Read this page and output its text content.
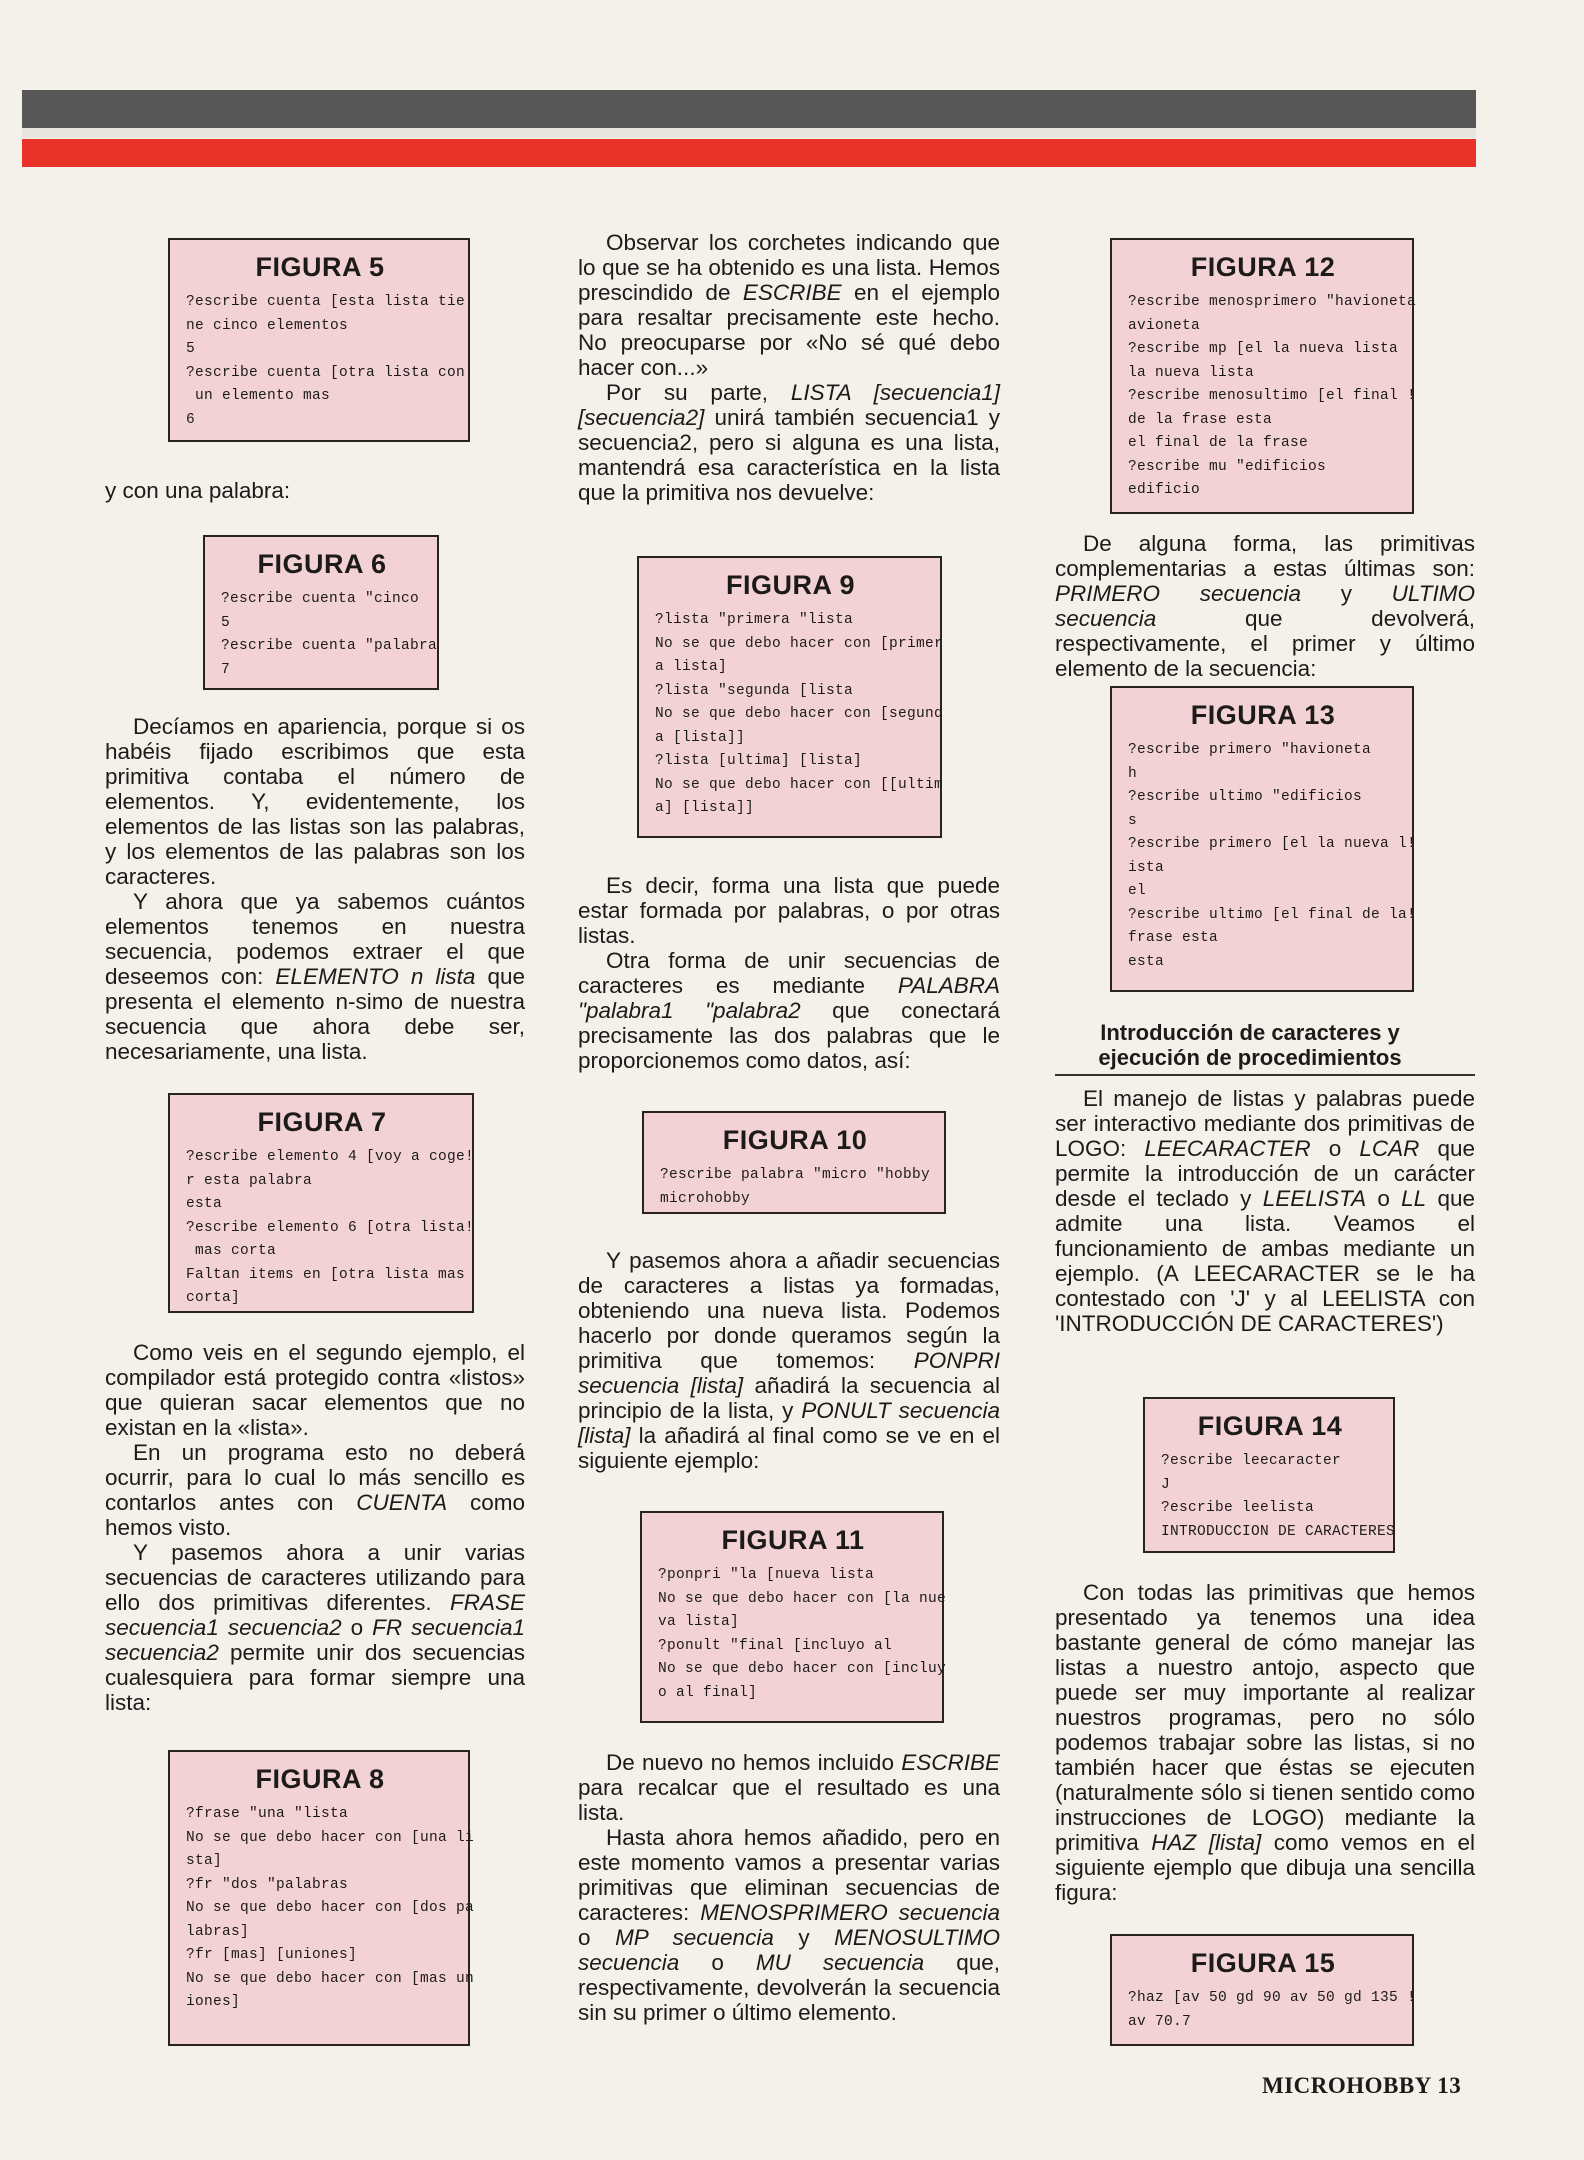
FIGURA 5
?escribe cuenta [esta lista tie!
ne cinco elementos
5
?escribe cuenta [otra lista con!
un elemento mas
6

y con una palabra:

FIGURA 6
?escribe cuenta "cinco
5
?escribe cuenta "palabra
7

Decíamos en apariencia, porque si os habéis fijado escribimos que esta primitiva contaba el número de elementos. Y, evidentemente, los elementos de las listas son las palabras, y los elementos de las palabras son los caracteres.

Y ahora que ya sabemos cuántos elementos tenemos en nuestra secuencia, podemos extraer el que deseemos con: ELEMENTO n lista que presenta el elemento n-simo de nuestra secuencia que ahora debe ser, necesariamente, una lista.

FIGURA 7
?escribe elemento 4 [voy a coge!
r esta palabra
esta
?escribe elemento 6 [otra lista!
mas corta
Faltan items en [otra lista mas
corta]

Como veis en el segundo ejemplo, el compilador está protegido contra «listos» que quieran sacar elementos que no existan en la «lista».

En un programa esto no deberá ocurrir, para lo cual lo más sencillo es contarlos antes con CUENTA como hemos visto.

Y pasemos ahora a unir varias secuencias de caracteres utilizando para ello dos primitivas diferentes. FRASE secuencia1 secuencia2 o FR secuencia1 secuencia2 permite unir dos secuencias cualesquiera para formar siempre una lista:

FIGURA 8
?frase "una "lista
No se que debo hacer con [una li
sta]
?fr "dos "palabras
No se que debo hacer con [dos pa
labras]
?fr [mas] [uniones]
No se que debo hacer con [mas un
iones]

Observar los corchetes indicando que lo que se ha obtenido es una lista. Hemos prescindido de ESCRIBE en el ejemplo para resaltar precisamente este hecho. No preocuparse por «No sé qué debo hacer con...»

Por su parte, LISTA [secuencia1] [secuencia2] unirá también secuencia1 y secuencia2, pero si alguna es una lista, mantendrá esa característica en la lista que la primitiva nos devuelve:

FIGURA 9
?lista "primera "lista
No se que debo hacer con [primer
a lista]
?lista "segunda [lista
No se que debo hacer con [segund
a [lista]]
?lista [ultima] [lista]
No se que debo hacer con [[ultim
a] [lista]]

Es decir, forma una lista que puede estar formada por palabras, o por otras listas.

Otra forma de unir secuencias de caracteres es mediante PALABRA "palabra1 "palabra2 que conectará precisamente las dos palabras que le proporcionemos como datos, así:

FIGURA 10
?escribe palabra "micro "hobby
microhobby

Y pasemos ahora a añadir secuencias de caracteres a listas ya formadas, obteniendo una nueva lista. Podemos hacerlo por donde queramos según la primitiva que tomemos: PONPRI secuencia [lista] añadirá la secuencia al principio de la lista, y PONULT secuencia [lista] la añadirá al final como se ve en el siguiente ejemplo:

FIGURA 11
?ponpri "la [nueva lista
No se que debo hacer con [la nue
va lista]
?ponult "final [incluyo al
No se que debo hacer con [incluy
o al final]

De nuevo no hemos incluido ESCRIBE para recalcar que el resultado es una lista.

Hasta ahora hemos añadido, pero en este momento vamos a presentar varias primitivas que eliminan secuencias de caracteres: MENOSPRIMERO secuencia o MP secuencia y MENOSULTIMO secuencia o MU secuencia que, respectivamente, devolverán la secuencia sin su primer o último elemento.

FIGURA 12
?escribe menosprimero "havioneta
avioneta
?escribe mp [el la nueva lista
la nueva lista
?escribe menosultimo [el final !
de la frase esta
el final de la frase
?escribe mu "edificios
edificio

De alguna forma, las primitivas complementarias a estas últimas son: PRIMERO secuencia y ULTIMO secuencia que devolverá, respectivamente, el primer y último elemento de la secuencia:

FIGURA 13
?escribe primero "havioneta
h
?escribe ultimo "edificios
s
?escribe primero [el la nueva l!
ista
el
?escribe ultimo [el final de la!
frase esta
esta
Introducción de caracteres y ejecución de procedimientos

El manejo de listas y palabras puede ser interactivo mediante dos primitivas de LOGO: LEECARACTER o LCAR que permite la introducción de un carácter desde el teclado y LEELISTA o LL que admite una lista. Veamos el funcionamiento de ambas mediante un ejemplo. (A LEECARACTER se le ha contestado con 'J' y al LEELISTA con 'INTRODUCCIÓN DE CARACTERES')

FIGURA 14
?escribe leecaracter
J
?escribe leelista
INTRODUCCION DE CARACTERES

Con todas las primitivas que hemos presentado ya tenemos una idea bastante general de cómo manejar las listas a nuestro antojo, aspecto que puede ser muy importante al realizar nuestros programas, pero no sólo podemos trabajar sobre las listas, si no también hacer que éstas se ejecuten (naturalmente sólo si tienen sentido como instrucciones de LOGO) mediante la primitiva HAZ [lista] como vemos en el siguiente ejemplo que dibuja una sencilla figura:

FIGURA 15
?haz [av 50 gd 90 av 50 gd 135 !
av 70.7
MICROHOBBY 13
